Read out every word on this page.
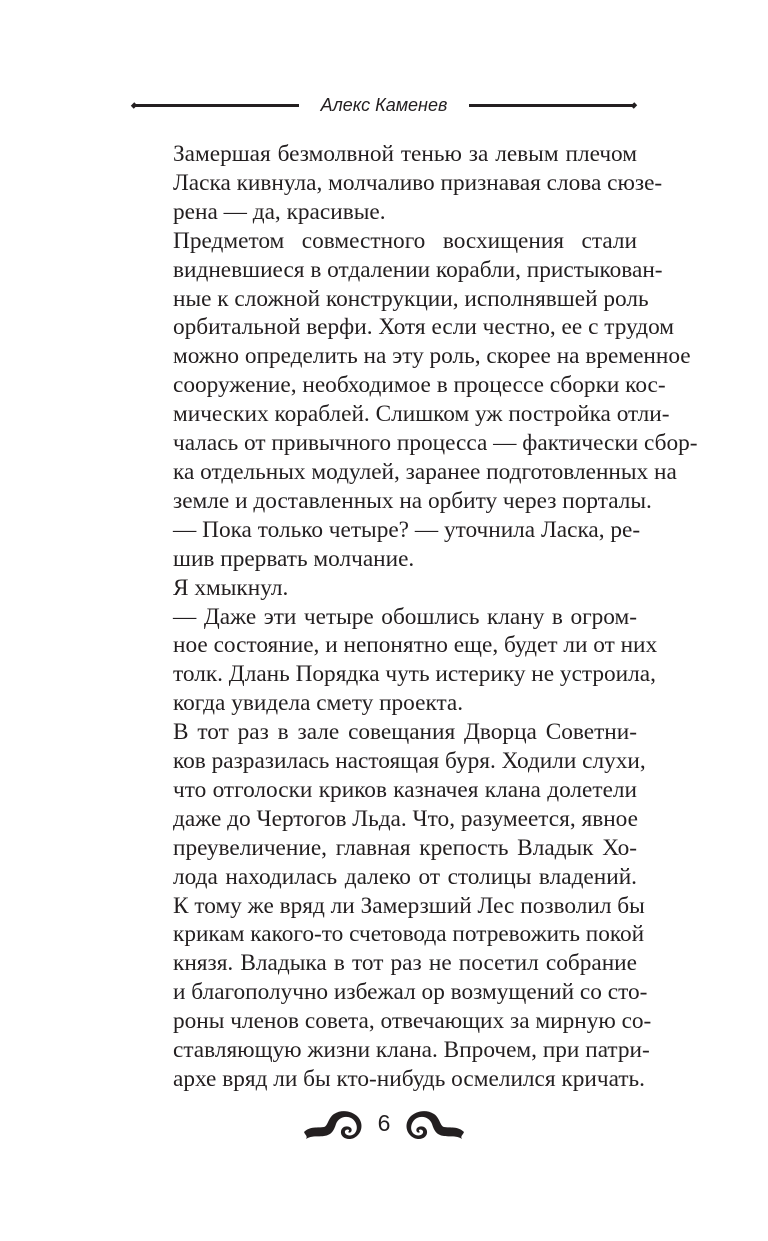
Алекс Каменев

Замершая безмолвной тенью за левым плечом
Ласка кивнула, молчаливо признавая слова сюзе-
рена — да, красивые.

Предметом совместного восхищения стали
видневшиеся в отдалении корабли, пристыкован-
ные к сложной конструкции, исполнявшей роль
орбитальной верфи. Хотя если честно, ее с трудом
можно определить на эту роль, скорее на временное
сооружение, необходимое в процессе сборки кос-
мических кораблей. Слишком уж постройка отли-
чалась от привычного процесса — фактически сбор-
ка отдельных модулей, заранее подготовленных на
земле и доставленных на орбиту через порталы.

— Пока только четыре? — уточнила Ласка, ре-
шив прервать молчание.

Я хмыкнул.

— Даже эти четыре обошлись клану в огром-
ное состояние, и непонятно еще, будет ли от них
толк. Длань Порядка чуть истерику не устроила,
когда увидела смету проекта.

В тот раз в зале совещания Дворца Советни-
ков разразилась настоящая буря. Ходили слухи,
что отголоски криков казначея клана долетели
даже до Чертогов Льда. Что, разумеется, явное
преувеличение, главная крепость Владык Хо-
лода находилась далеко от столицы владений.
К тому же вряд ли Замерзший Лес позволил бы
крикам какого-то счетовода потревожить покой
князя. Владыка в тот раз не посетил собрание
и благополучно избежал ор возмущений со сто-
роны членов совета, отвечающих за мирную со-
ставляющую жизни клана. Впрочем, при патри-
архе вряд ли бы кто-нибудь осмелился кричать.

6
